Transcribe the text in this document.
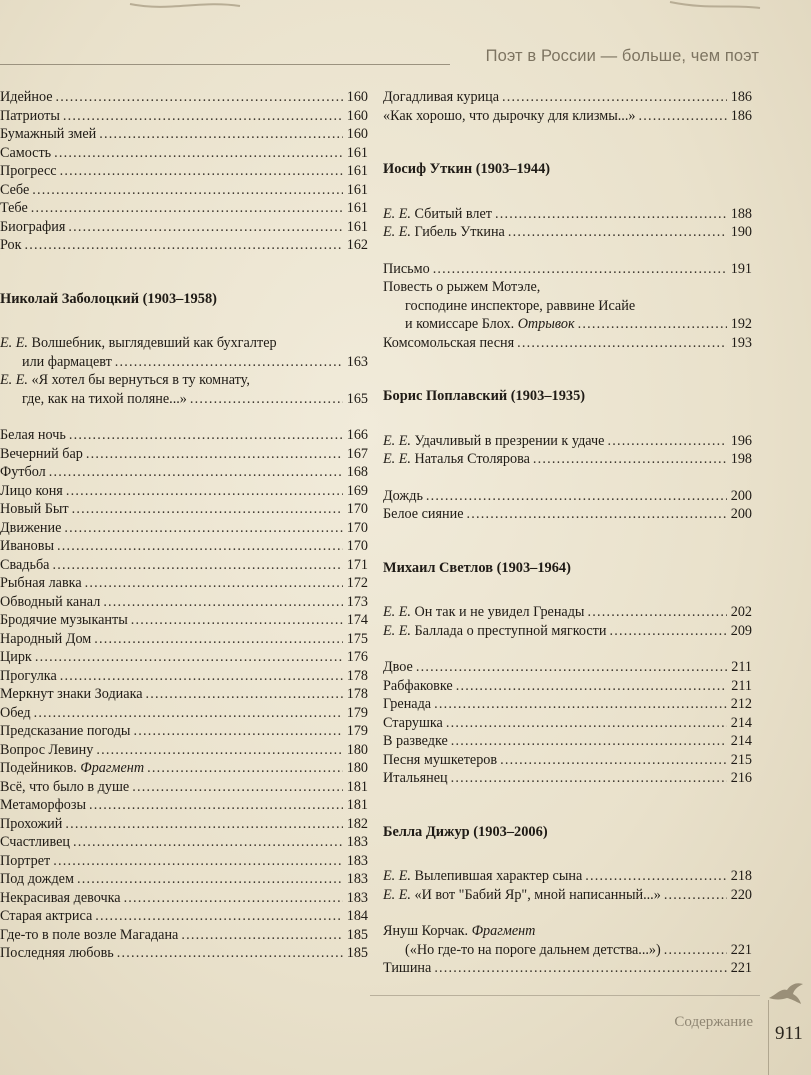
Поэт в России — больше, чем поэт
Идейное .....	160
Патриоты .....	160
Бумажный змей .....	160
Самость .....	161
Прогресс .....	161
Себе .....	161
Тебе .....	161
Биография .....	161
Рок .....	162
Николай Заболоцкий (1903–1958)
Е. Е. Волшебник, выглядевший как бухгалтер
или фармацевт .....	163
Е. Е. «Я хотел бы вернуться в ту комнату,
где, как на тихой поляне...» .....	165
Белая ночь .....	166
Вечерний бар .....	167
Футбол .....	168
Лицо коня .....	169
Новый Быт .....	170
Движение .....	170
Ивановы .....	170
Свадьба .....	171
Рыбная лавка .....	172
Обводный канал .....	173
Бродячие музыканты .....	174
Народный Дом .....	175
Цирк .....	176
Прогулка .....	178
Меркнут знаки Зодиака .....	178
Обед .....	179
Предсказание погоды .....	179
Вопрос Левину .....	180
Подейников. Фрагмент .....	180
Всё, что было в душе .....	181
Метаморфозы .....	181
Прохожий .....	182
Счастливец .....	183
Портрет .....	183
Под дождем .....	183
Некрасивая девочка .....	183
Старая актриса .....	184
Где-то в поле возле Магадана .....	185
Последняя любовь .....	185
Догадливая курица .....	186
«Как хорошо, что дырочку для клизмы...» .....	186
Иосиф Уткин (1903–1944)
Е. Е. Сбитый влет .....	188
Е. Е. Гибель Уткина .....	190
Письмо .....	191
Повесть о рыжем Мотэле,
господине инспекторе, раввине Исайе
и комиссаре Блох. Отрывок .....	192
Комсомольская песня .....	193
Борис Поплавский (1903–1935)
Е. Е. Удачливый в презрении к удаче .....	196
Е. Е. Наталья Столярова .....	198
Дождь .....	200
Белое сияние .....	200
Михаил Светлов (1903–1964)
Е. Е. Он так и не увидел Гренады .....	202
Е. Е. Баллада о преступной мягкости .....	209
Двое .....	211
Рабфаковке .....	211
Гренада .....	212
Старушка .....	214
В разведке .....	214
Песня мушкетеров .....	215
Итальянец .....	216
Белла Дижур (1903–2006)
Е. Е. Вылепившая характер сына .....	218
Е. Е. «И вот "Бабий Яр", мной написанный...» .....	220
Януш Корчак. Фрагмент
(«Но где-то на пороге дальнем детства...») .....	221
Тишина .....	221
Содержание
911
